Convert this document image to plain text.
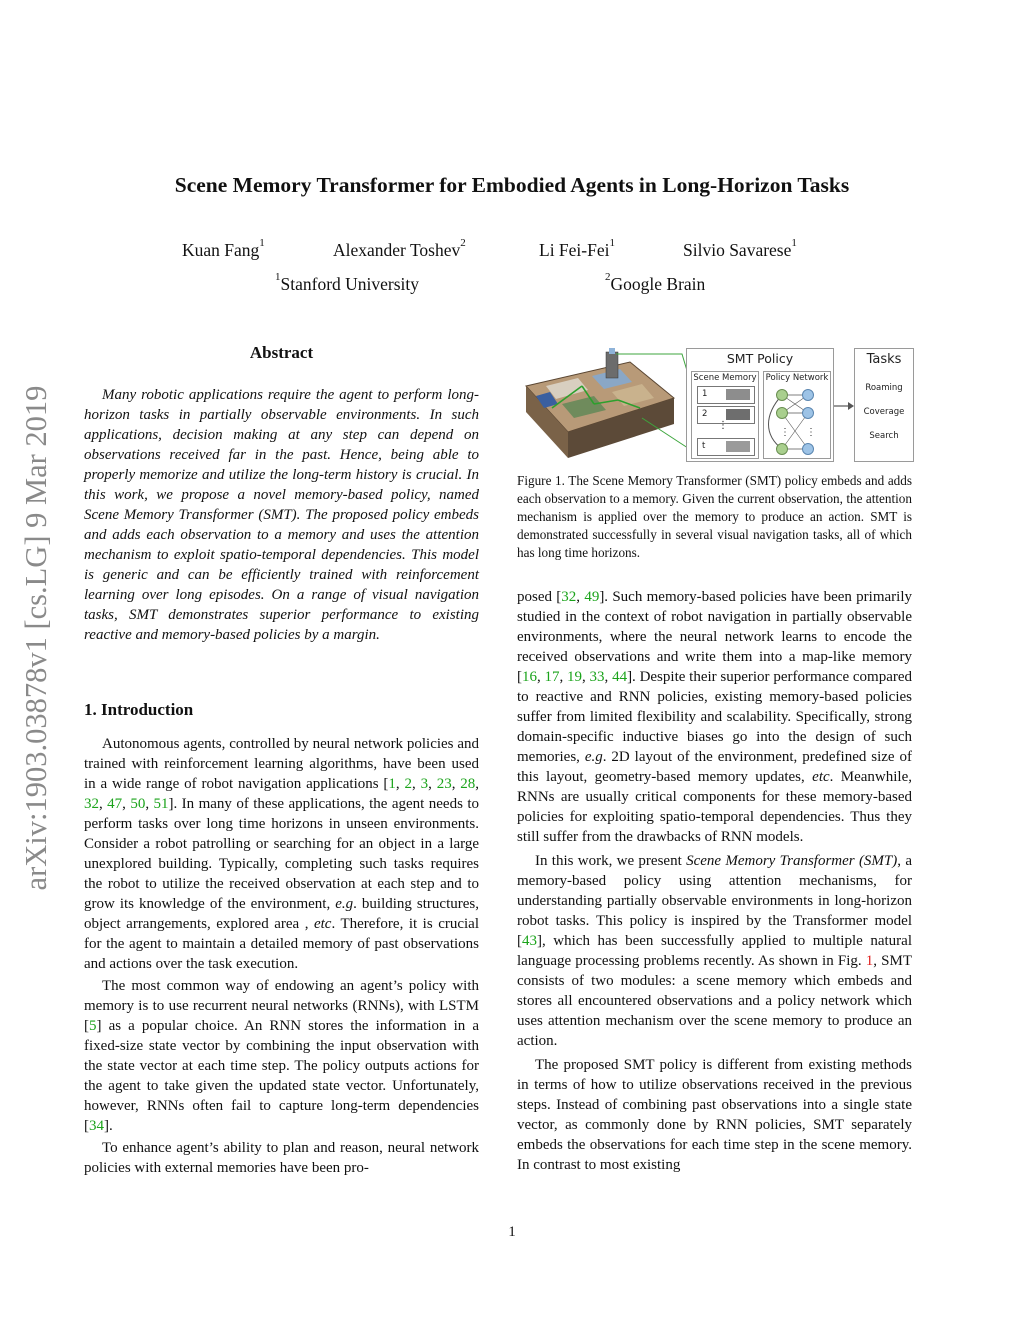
arXiv:1903.03878v1 [cs.LG] 9 Mar 2019
Scene Memory Transformer for Embodied Agents in Long-Horizon Tasks
Kuan Fang$^1$	Alexander Toshev$^2$	Li Fei-Fei$^1$	Silvio Savarese$^1$
$^1$Stanford University	$^2$Google Brain
Abstract

Many robotic applications require the agent to perform long-horizon tasks in partially observable environments. In such applications, decision making at any step can depend on observations received far in the past. Hence, being able to properly memorize and utilize the long-term history is crucial. In this work, we propose a novel memory-based policy, named Scene Memory Transformer (SMT). The proposed policy embeds and adds each observation to a memory and uses the attention mechanism to exploit spatio-temporal dependencies. This model is generic and can be efficiently trained with reinforcement learning over long episodes. On a range of visual navigation tasks, SMT demonstrates superior performance to existing reactive and memory-based policies by a margin.

1. Introduction

Autonomous agents, controlled by neural network policies and trained with reinforcement learning algorithms, have been used in a wide range of robot navigation applications [1, 2, 3, 23, 28, 32, 47, 50, 51]. In many of these applications, the agent needs to perform tasks over long time horizons in unseen environments. Consider a robot patrolling or searching for an object in a large unexplored building. Typically, completing such tasks requires the robot to utilize the received observation at each step and to grow its knowledge of the environment, e.g. building structures, object arrangements, explored area , etc. Therefore, it is crucial for the agent to maintain a detailed memory of past observations and actions over the task execution.

The most common way of endowing an agent’s policy with memory is to use recurrent neural networks (RNNs), with LSTM [5] as a popular choice. An RNN stores the information in a fixed-size state vector by combining the input observation with the state vector at each time step. The policy outputs actions for the agent to take given the updated state vector. Unfortunately, however, RNNs often fail to capture long-term dependencies [34].

To enhance agent’s ability to plan and reason, neural network policies with external memories have been pro-

SMT Policy
Scene Memory
1
2
⋮
t
Policy Network
⋮ ⋮
Tasks
Roaming
Coverage
Search
Figure 1. The Scene Memory Transformer (SMT) policy embeds and adds each observation to a memory. Given the current observation, the attention mechanism is applied over the memory to produce an action. SMT is demonstrated successfully in several visual navigation tasks, all of which has long time horizons.

posed [32, 49]. Such memory-based policies have been primarily studied in the context of robot navigation in partially observable environments, where the neural network learns to encode the received observations and write them into a map-like memory [16, 17, 19, 33, 44]. Despite their superior performance compared to reactive and RNN policies, existing memory-based policies suffer from limited flexibility and scalability. Specifically, strong domain-specific inductive biases go into the design of such memories, e.g. 2D layout of the environment, predefined size of this layout, geometry-based memory updates, etc. Meanwhile, RNNs are usually critical components for these memory-based policies for exploiting spatio-temporal dependencies. Thus they still suffer from the drawbacks of RNN models.

In this work, we present Scene Memory Transformer (SMT), a memory-based policy using attention mechanisms, for understanding partially observable environments in long-horizon robot tasks. This policy is inspired by the Transformer model [43], which has been successfully applied to multiple natural language processing problems recently. As shown in Fig. 1, SMT consists of two modules: a scene memory which embeds and stores all encountered observations and a policy network which uses attention mechanism over the scene memory to produce an action.

The proposed SMT policy is different from existing methods in terms of how to utilize observations received in the previous steps. Instead of combining past observations into a single state vector, as commonly done by RNN policies, SMT separately embeds the observations for each time step in the scene memory. In contrast to most existing

1
